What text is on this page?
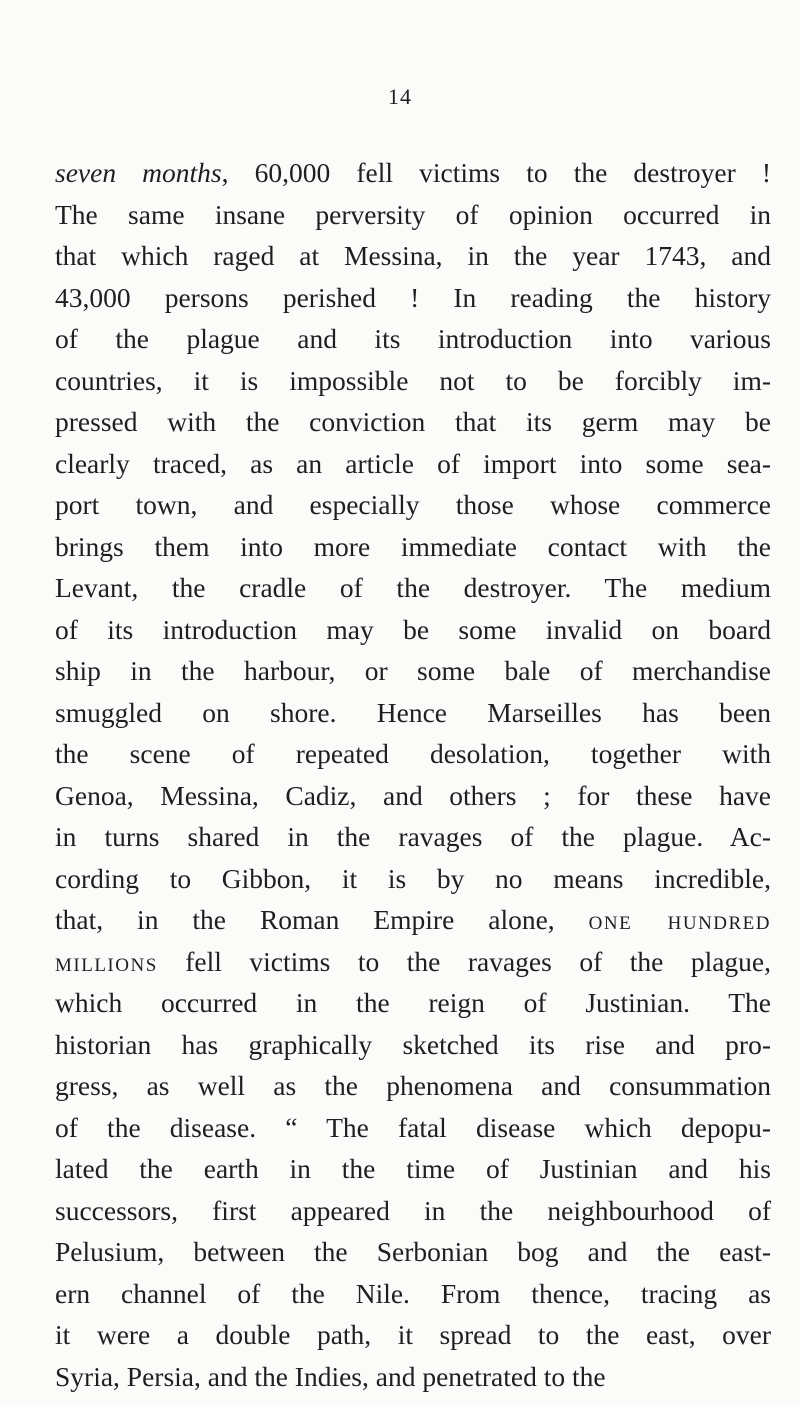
14
seven months, 60,000 fell victims to the destroyer !
The same insane perversity of opinion occurred in
that which raged at Messina, in the year 1743, and
43,000 persons perished ! In reading the history
of the plague and its introduction into various
countries, it is impossible not to be forcibly im-
pressed with the conviction that its germ may be
clearly traced, as an article of import into some sea-
port town, and especially those whose commerce
brings them into more immediate contact with the
Levant, the cradle of the destroyer. The medium
of its introduction may be some invalid on board
ship in the harbour, or some bale of merchandise
smuggled on shore. Hence Marseilles has been
the scene of repeated desolation, together with
Genoa, Messina, Cadiz, and others ; for these have
in turns shared in the ravages of the plague. Ac-
cording to Gibbon, it is by no means incredible,
that, in the Roman Empire alone, one hundred
millions fell victims to the ravages of the plague,
which occurred in the reign of Justinian. The
historian has graphically sketched its rise and pro-
gress, as well as the phenomena and consummation
of the disease. “ The fatal disease which depopu-
lated the earth in the time of Justinian and his
successors, first appeared in the neighbourhood of
Pelusium, between the Serbonian bog and the east-
ern channel of the Nile. From thence, tracing as
it were a double path, it spread to the east, over
Syria, Persia, and the Indies, and penetrated to the
